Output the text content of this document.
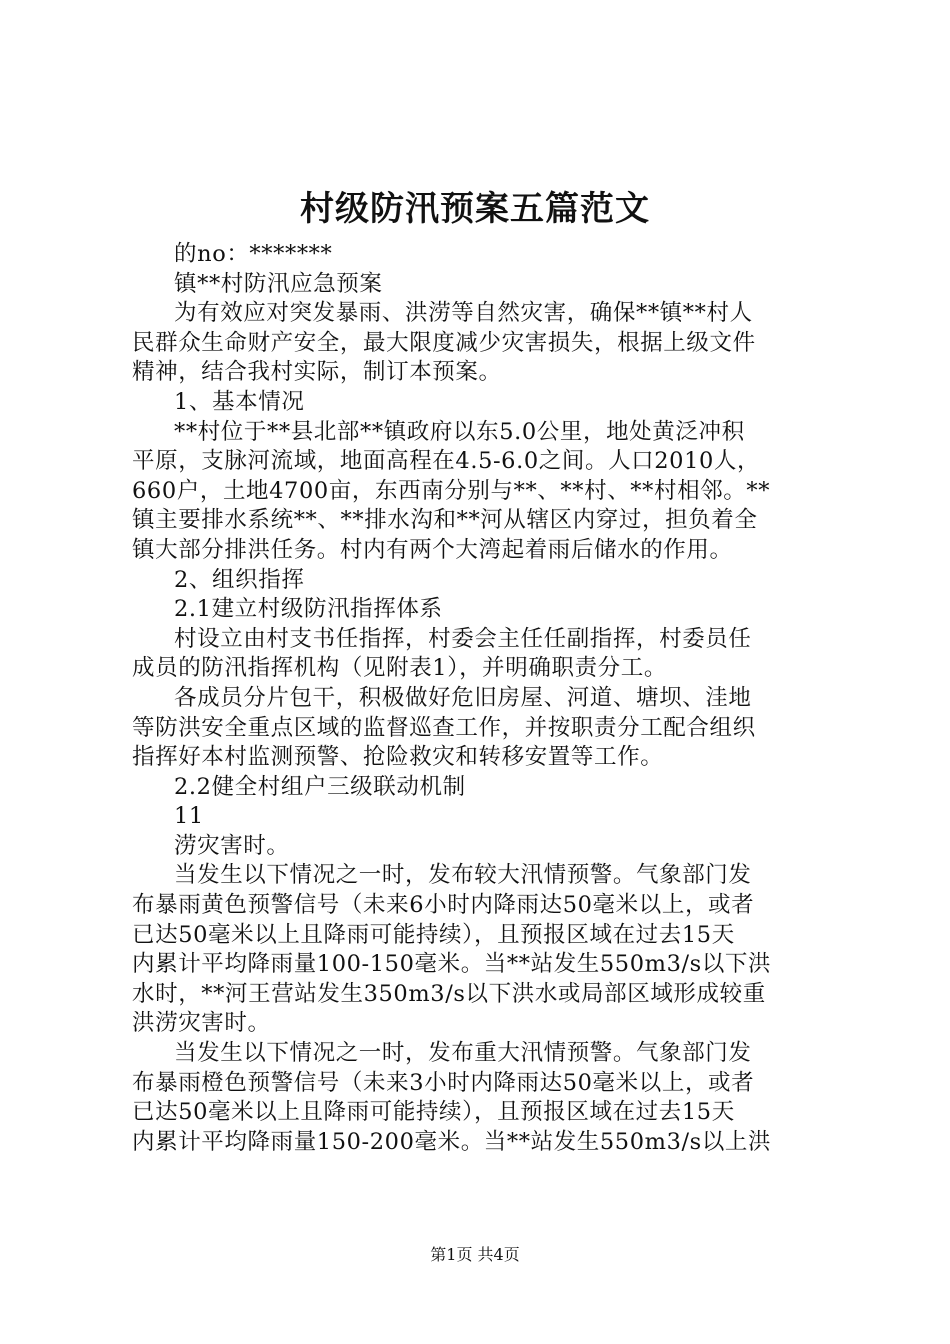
村级防汛预案五篇范文

的no：*******

镇**村防汛应急预案

为有效应对突发暴雨、洪涝等自然灾害，确保**镇**村人

民群众生命财产安全，最大限度减少灾害损失，根据上级文件

精神，结合我村实际，制订本预案。

1、基本情况

**村位于**县北部**镇政府以东5.0公里，地处黄泛冲积

平原，支脉河流域，地面高程在4.5-6.0之间。人口2010人，

660户，土地4700亩，东西南分别与**、**村、**村相邻。**

镇主要排水系统**、**排水沟和**河从辖区内穿过，担负着全

镇大部分排洪任务。村内有两个大湾起着雨后储水的作用。

2、组织指挥

2.1建立村级防汛指挥体系

村设立由村支书任指挥，村委会主任任副指挥，村委员任

成员的防汛指挥机构（见附表1），并明确职责分工。

各成员分片包干，积极做好危旧房屋、河道、塘坝、洼地

等防洪安全重点区域的监督巡查工作，并按职责分工配合组织

指挥好本村监测预警、抢险救灾和转移安置等工作。

2.2健全村组户三级联动机制

11

涝灾害时。

当发生以下情况之一时，发布较大汛情预警。气象部门发

布暴雨黄色预警信号（未来6小时内降雨达50毫米以上，或者

已达50毫米以上且降雨可能持续），且预报区域在过去15天

内累计平均降雨量100-150毫米。当**站发生550m3/s以下洪

水时，**河王营站发生350m3/s以下洪水或局部区域形成较重

洪涝灾害时。

当发生以下情况之一时，发布重大汛情预警。气象部门发

布暴雨橙色预警信号（未来3小时内降雨达50毫米以上，或者

已达50毫米以上且降雨可能持续），且预报区域在过去15天

内累计平均降雨量150-200毫米。当**站发生550m3/s以上洪

第1页 共4页
